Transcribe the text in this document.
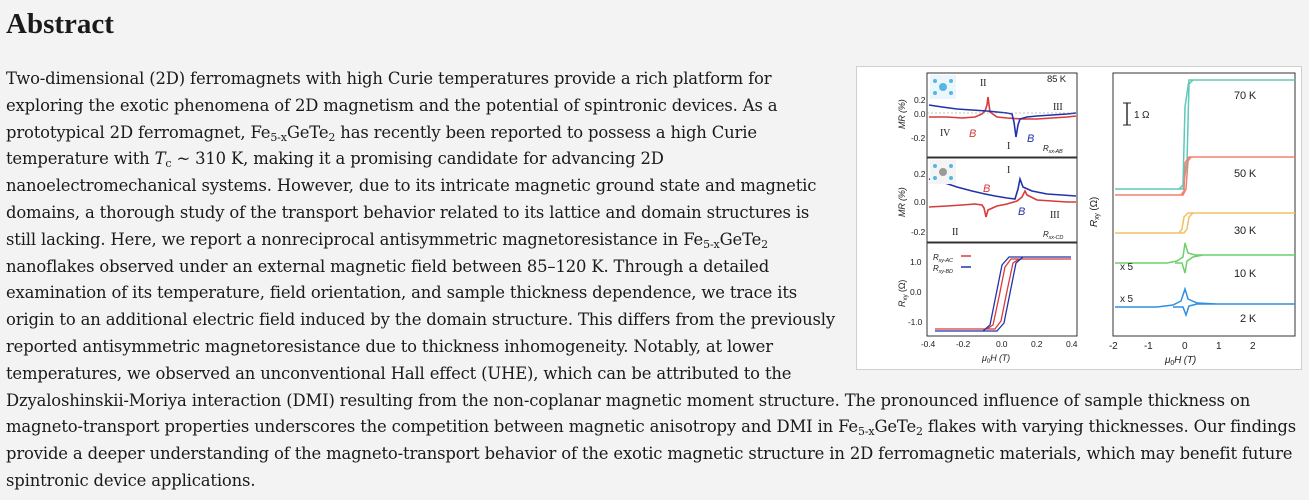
Abstract

0.2
0.0
-0.2
0.2
0.0
-0.2
1.0
0.0
-1.0
MR (%)
MR (%)
$R_{xy}$ (Ω)
85 K
II
III
IV
I
B	B
$R_{xx-AB}$
I
III
II
B
B
$R_{xx-CD}$
$R_{xy-AC}$
$R_{xy-BD}$
-0.4 -0.2	0.0	0.2	0.4
$\mu_0H$ (T)
1 Ω
70 K
50 K
30 K
x 5
10 K
x 5
2 K
$R_{xy}$ (Ω)
-2	-1	0	1	2
$\mu_0H$ (T)
Two-dimensional (2D) ferromagnets with high Curie temperatures provide a rich platform for exploring the exotic phenomena of 2D magnetism and the potential of spintronic devices. As a prototypical 2D ferromagnet, $Fe_{5-x}GeTe_2$ has recently been reported to possess a high Curie temperature with $T_c$ ~ 310 K, making it a promising candidate for advancing 2D nanoelectromechanical systems. However, due to its intricate magnetic ground state and magnetic domains, a thorough study of the transport behavior related to its lattice and domain structures is still lacking. Here, we report a nonreciprocal antisymmetric magnetoresistance in $Fe_{5-x}GeTe_2$ nanoflakes observed under an external magnetic field between 85–120 K. Through a detailed examination of its temperature, field orientation, and sample thickness dependence, we trace its origin to an additional electric field induced by the domain structure. This differs from the previously reported antisymmetric magnetoresistance due to thickness inhomogeneity. Notably, at lower temperatures, we observed an unconventional Hall effect (UHE), which can be attributed to the Dzyaloshinskii-Moriya interaction (DMI) resulting from the non-coplanar magnetic moment structure. The pronounced influence of sample thickness on magneto-transport properties underscores the competition between magnetic anisotropy and DMI in $Fe_{5-x}GeTe_2$ flakes with varying thicknesses. Our findings provide a deeper understanding of the magneto-transport behavior of the exotic magnetic structure in 2D ferromagnetic materials, which may benefit future spintronic device applications.
